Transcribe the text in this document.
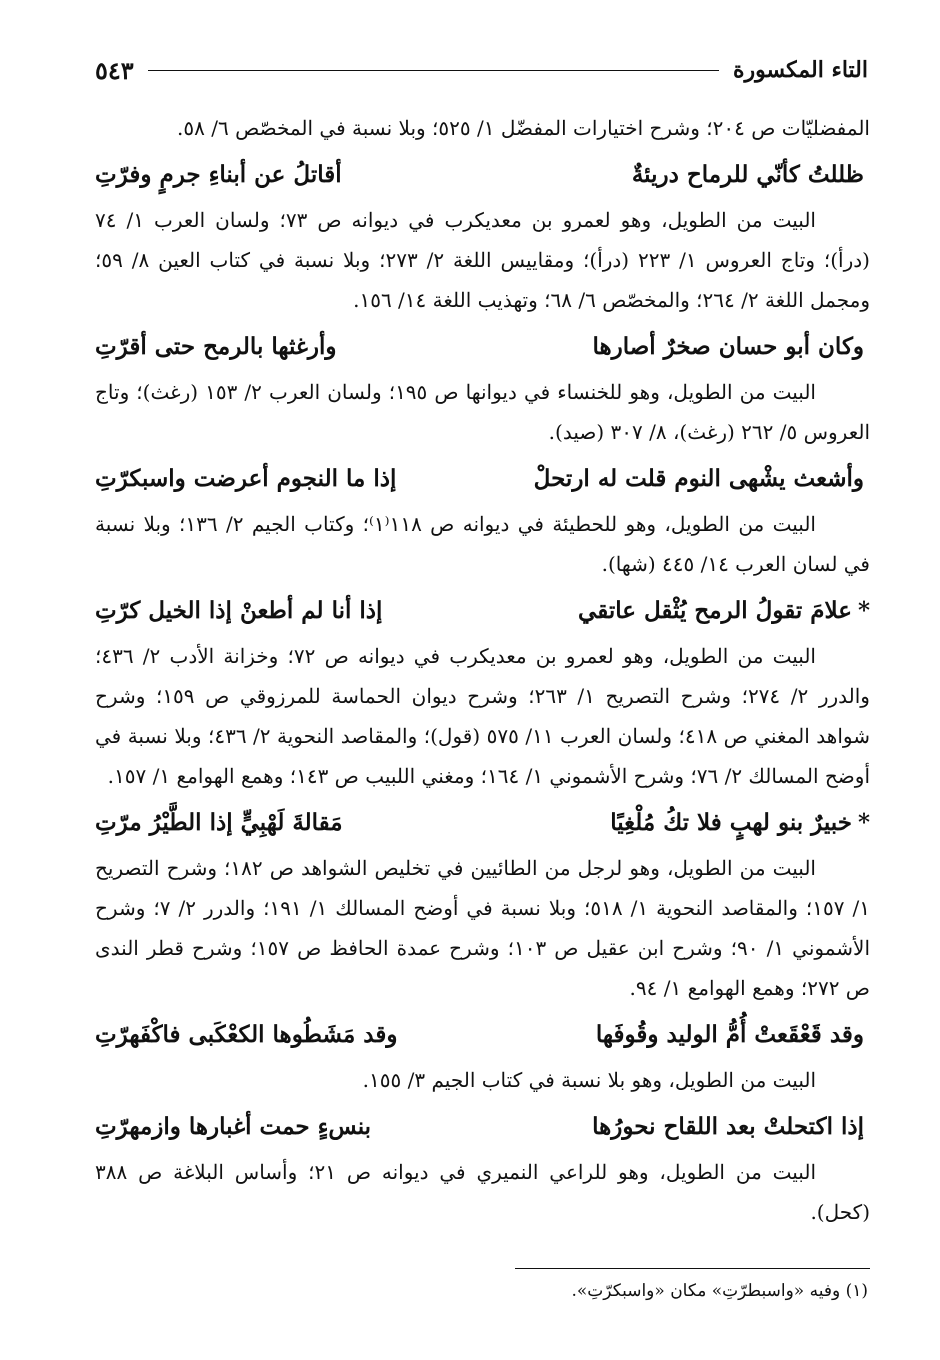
التاء المكسورة
٥٤٣

المفضليّات ص ٢٠٤؛ وشرح اختيارات المفضّل ١/ ٥٢٥؛ وبلا نسبة في المخصّص ٦/ ٥٨.

ظللتُ كأنّي للرماح دريئةٌ
أقاتلُ عن أبناءِ جرمٍ وفرّتِ

البيت من الطويل، وهو لعمرو بن معديكرب في ديوانه ص ٧٣؛ ولسان العرب ١/ ٧٤ (درأ)؛ وتاج العروس ١/ ٢٢٣ (درأ)؛ ومقاييس اللغة ٢/ ٢٧٣؛ وبلا نسبة في كتاب العين ٨/ ٥٩؛ ومجمل اللغة ٢/ ٢٦٤؛ والمخصّص ٦/ ٦٨؛ وتهذيب اللغة ١٤/ ١٥٦.

وكان أبو حسان صخرٌ أصارها
وأرغثها بالرمح حتى أقرّتِ

البيت من الطويل، وهو للخنساء في ديوانها ص ١٩٥؛ ولسان العرب ٢/ ١٥٣ (رغث)؛ وتاج العروس ٥/ ٢٦٢ (رغث)، ٨/ ٣٠٧ (صيد).

وأشعث يشْهى النوم قلت له ارتحلْ
إذا ما النجوم أعرضت واسبكرّتِ

البيت من الطويل، وهو للحطيئة في ديوانه ص ١١٨⁽١⁾؛ وكتاب الجيم ٢/ ١٣٦؛ وبلا نسبة في لسان العرب ١٤/ ٤٤٥ (شها).

*علامَ تقولُ الرمح يُثْقل عاتقي
إذا أنا لم أطعنْ إذا الخيل كرّتِ

البيت من الطويل، وهو لعمرو بن معديكرب في ديوانه ص ٧٢؛ وخزانة الأدب ٢/ ٤٣٦؛ والدرر ٢/ ٢٧٤؛ وشرح التصريح ١/ ٢٦٣؛ وشرح ديوان الحماسة للمرزوقي ص ١٥٩؛ وشرح شواهد المغني ص ٤١٨؛ ولسان العرب ١١/ ٥٧٥ (قول)؛ والمقاصد النحوية ٢/ ٤٣٦؛ وبلا نسبة في أوضح المسالك ٢/ ٧٦؛ وشرح الأشموني ١/ ١٦٤؛ ومغني اللبيب ص ١٤٣؛ وهمع الهوامع ١/ ١٥٧.

*خبيرٌ بنو لهبٍ فلا تكُ مُلْغِيًا
مَقالةَ لَهْبِيٍّ إذا الطَّيْرُ مرّتِ

البيت من الطويل، وهو لرجل من الطائيين في تخليص الشواهد ص ١٨٢؛ وشرح التصريح ١/ ١٥٧؛ والمقاصد النحوية ١/ ٥١٨؛ وبلا نسبة في أوضح المسالك ١/ ١٩١؛ والدرر ٢/ ٧؛ وشرح الأشموني ١/ ٩٠؛ وشرح ابن عقيل ص ١٠٣؛ وشرح عمدة الحافظ ص ١٥٧؛ وشرح قطر الندى ص ٢٧٢؛ وهمع الهوامع ١/ ٩٤.

وقد قَعْقَعتْ أُمُّ الوليد وقُوفَها
وقد مَشَطُوها الكعْكَبى فاكْفَهرّتِ

البيت من الطويل، وهو بلا نسبة في كتاب الجيم ٣/ ١٥٥.

إذا اكتحلتْ بعد اللقاح نحورُها
بنسءٍ حمت أغبارها وازمهرّتِ

البيت من الطويل، وهو للراعي النميري في ديوانه ص ٢١؛ وأساس البلاغة ص ٣٨٨ (كحل).

(١) وفيه «واسبطرّتِ» مكان «واسبكرّتِ».
